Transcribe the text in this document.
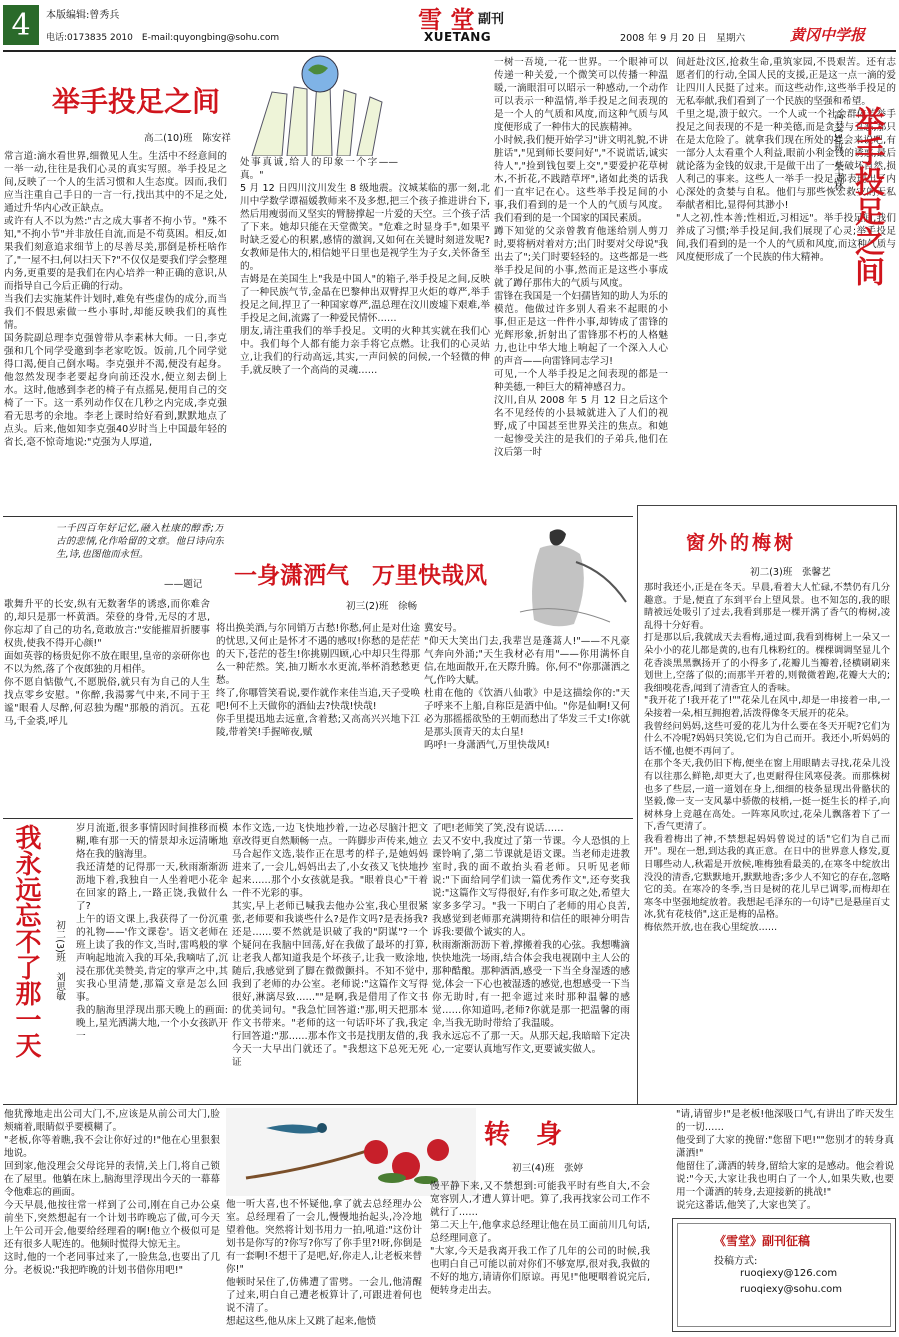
4	本版编辑:曾秀兵
电话:0173835 2010　E-mail:quyongbing@sohu.com
雪 堂 副刊
XUETANG	2008 年 9 月 20 日　星期六	黄冈中学报
举手投足之间
高二(10)班　陈安祥
常言道:滴水看世界,细微见人生。生活中不经意间的一举一动,往往是我们心灵的真实写照。举手投足之间,反映了一个人的生活习惯和人生态度。因而,我们应当注重自己手日的一言一行,找出其中的不足之处,通过升华内心改正缺点。
或许有人不以为然:"古之成大事者不拘小节。"殊不知,"不拘小节"并非放任自流,而是不苟莫困。相反,如果我们刻意追求细节上的尽善尽美,那倒是桥枉啥作了,"一屋不扫,何以扫天下?"不仅仅是要我们学会整理内务,更重要的是我们在内心培养一种正确的意识,从而指导自己今后正确的行动。
当我们去实施某件计划时,难免有些虚伪的成分,而当我们不假思索做一些小事时,却能反映我们的真性情。
国务院副总理李克强曾带从李素林大师。一日,李克强和几个同学受邀到李老家吃饭。饭前,几个同学觉得口渴,便自己倒水喝。李克强并不渴,便没有起身。他忽然发现李老要起身向前还没水,便立刻去倒上水。这时,他感到李老的椅子有点摇晃,便用自己的交椅了一下。这一系列动作仅在几秒之内完成,李克强看无思考的余地。李老上课时给好看到,默默地点了点头。后来,他如知李克强40岁时当上中国最年轻的省长,毫不惊奇地说:"克强为人厚道,
处事真诚,给人的印象一个字——真。"
5 月 12 日四川汶川发生 8 级地震。汶城某临的那一刻,北川中学数学谭福媛教师来不及多想,把三个孩子推进讲台下,然后用瘦弱而又坚实的臂膀撑起一片爱的天空。三个孩子活了下来。她却只能在天堂微笑。"危难之时显身手",如果平时缺乏爱心的积累,感情的激润,又如何在关键时刻迸发呢?女教师是伟大的,相信她平日里也是视学生为子女,关怀备至的。
吉姆是在美国生上"我是中国人"的箱子,举手投足之间,反映了一种民族气节,金晶在巴黎伸出双臂捍卫火炬的尊严,举手投足之间,捍卫了一种国家尊严,温总理在汶川废墟下艰难,举手投足之间,流露了一种爱民情怀……
朋友,请注重我们的举手投足。文明的火种其实就在我们心中。我们每个人都有能力亲手将它点燃。让我们的心灵站立,让我们的行动高远,其实,一声问候的问候,一个轻微的伸手,就反映了一个高尚的灵魂……
一树一吾境,一花一世界。一个眼神可以传递一种关爱,一个微笑可以传播一种温暖,一滴眼泪可以昭示一种感动,一个动作可以表示一种温情,举手投足之间表现的是一个人的气质和风度,而这种气质与风度便形成了一种伟大的民族精神。
小时候,我们便开始学习"讲文明礼貌,不讲脏话","见到师长要问好","不说谎话,诚实待人","捡到钱包要上交","要爱护花草树木,不折花,不践踏草坪",诸如此类的话我们一直牢记在心。这些举手投足间的小事,我们看到的是一个人的气质与风度。我们看到的是一个国家的国民素质。
蹲下知觉的父亲曾教育他迷给别人剪刀时,要将柄对着对方;出门时要对父母说"我出去了";关门时要轻轻的。这些都是一些举手投足间的小事,然而正是这些小事成就了蹲仔那伟大的气质与风度。
雷锋在我国是一个妇孺皆知的助人为乐的模范。他做过许多别人看来不起眼的小事,但正是这一件件小事,却铸成了雷锋的光辉形象,折射出了雷锋那不朽的人格魅力,也让中华大地上响起了一个深入人心的声音——向雷锋同志学习!
可见,一个人举手投足之间表现的都是一种美德,一种巨大的精神感召力。
汶川,自从 2008 年 5 月 12 日之后这个名不见经传的小县城就进入了人们的视野,成了中国甚至世界关注的焦点。和她一起惨受关注的是我们的子弟兵,他们在汶后第一时
间赶赴汶区,抢救生命,重筑家园,不畏艰苦。还有志愿者们的行动,全国人民的支援,正是这一点一滴的爱让四川人民挺了过来。而这些动作,这些举手投足的无私奉献,我们看到了一个民族的坚强和希望。
千里之堤,溃于蚁穴。一个人或一个社会群体若举手投足之间表现的不是一种美德,而是贪婪与丑恶,那只在是太危险了。就拿我们现在所处的社会来说吧,有一部分人太看重个人利益,眼前小利金钱的诱惑,最后就论落为金钱的奴隶,干是做干出了一些破坏自然,损人利己的事来。这些人一举手一投足,都表现出了内心深处的贪婪与自私。他们与那些恢宏救灾的无私奉献者相比,显得何其渺小!
"人之初,性本善;性相近,习相远"。举手投足间,我们养成了习惯;举手投足间,我们展现了心灵;举手投足间,我们看到的是一个人的气质和风度,而这种气质与风度便形成了一个民族的伟大精神。 举手投足之间
高二(3)班　朱志林
一千四百年好记忆,融入杜康的醇香;万古的悲情,化作哈留的文章。他日诗向东生,诗,也图他而永恒。
——题记 一身潇洒气　万里快哉风
初三(2)班　徐畅
歌舞升平的长安,纵有无数奢华的诱惑,而你难舍的,却只是那一杯黄酒。荣登的身骨,无尽的才思,你忘却了自己的功名,竟敢放言:"安能摧眉折腰事权贵,使我不得开心颜!"
面如英蓉的杨贵妃你不放在眼里,皇帝的亲研你也不以为然,落了个夜郎独的月相伴。
你不愿自惦傲气,不愿脱俗,就只有为自己的人生找点零乡安慰。"你醉,我湯雾气中来,不同于王谧"眼看人尽醉,何忍独为醒"那般的消沉。五花马,千金裘,呼儿
将出换美酒,与尔同销万古愁!你愁,何止是对仕途的忧思,又何止是怀才不遇的感叹!你愁的是茫茫的天下,苍茫的苍生!你挑剔四顾,心中却只生得那么一种茫然。笑,抽刀断水水更流,举杯消愁愁更愁。
终了,你哪管笑看说,要作就作来佳当追,天子受唤吧!何不上天做你的酒仙去?快哉!快哉!
你手里提迅地去远童,含着愁;又高高兴兴地下江陵,带着笑!手握啼夜,赋
冀安号。
"仰天大笑出门去,我辈岂是蓬蒿人!"——不凡豪气奔向外涌;"天生我材必有用"——你用满怀自信,在地面散开,在天際升腾。你,何不"你那潇洒之气,作吟大赋。
杜甫在他的《饮酒八仙歌》中是这描绘你的:"天子呼来不上船,自称臣是酒中仙。"你是仙啊!又何必为那摇摇欲坠的王朝而愁出了华发三千丈!你就是那头顶青天的太白星!
呜呼!一身潇洒气,万里快哉风!
我永远忘不了那一天 初二(3)班　刘思敏
岁月流逝,很多事情因时间推移而模糊,唯有那一天的情景却永远清晰地烙在我的脑海里。
我还清楚的记得那一天,秋雨渐渐沥沥地下着,我独自一人坐着吧小花伞在回家的路上,一路正饶,我做什么了?
上午的语文课上,我获得了一份沉重的礼物——'作文课卷'。语文老师在班上读了我的作文,当时,雷鸣般的掌声响起地流入我的耳朵,我嘀咕了,沉浸在那优美赞美,肯定的掌声之中,其实我心里清楚,那篇文章是怎么回事。
我的脑海里浮现出那天晚上的画面:晚上,星光洒满大地,一个小女孩趴开一
本作文选,一边飞快地抄着,一边必尽脑汁把文章改得更自然顺畅一点。一阵脚步声传来,她立马合起作文选,装作正在思考的样子,是她妈妈进来了,一会儿,妈妈出去了,小女孩又飞快地抄起来……那个小女孩就是我。"眼着良心"干着一件不光彩的事。
其实,早上老师已喊我去他办公室,我心里很紧张,老师要和我谈些什么?是作文吗?是表扬我?还是……要不然就是识破了我的"阴谋"?一个个疑问在我脑中回荡,好在我做了最坏的打算,让老我人都知道我是个坏孩子,让我一败涂地,随后,我感觉到了脚在微微颤抖。不知不觉中,我到了老师的办公室。老师说:"这篇作文写得很好,淋漓尽致……""是啊,我是借用了作文书的优美词句。"我急忙回答道:"那,明天把那本作文书带来。"老师的这一句话吓坏了我,我定行回答道:"那……那本作文书是找朋友借的,我今天一大早出门就还了。"我想这下总死无死证
了吧!老师笑了笑,没有说话……
去又不安中,我度过了第一节课。今人恐惧的上课铃响了,第二节课就是语文课。当老师走进教室时,我的面不敢抬头看老师。只听见老师说:"下面给同学们读一篇优秀作文",还夸奖我说:"这篇作文写得很好,有作多可取之处,希望大家多多学习。"我一下明白了老师的用心良苦,我感觉到老师那充满期待和信任的眼神分明告诉我:要做个诚实的人。
秋雨渐渐沥沥下着,撑搬着我的心弦。我想嘴滴快快地洗一场雨,结合体会我电视剧中主人公的那种酷酿。那种酒酒,感受一下当全身湿透的感觉,体会一下心也被湿透的感觉,也想感受一下当你无助时,有一把伞遮过来时那种温馨的感觉……你知道吗,老师?你就是那一把温馨的雨伞,当我无助时带给了我温暖。
我永远忘不了那一天。从那天起,我暗暗下定决心,一定要认真地写作文,更要诚实做人。
窗外的梅树
初二(3)班　张馨艺
那时我还小,正是在冬天。早晨,看着大人忙碌,不禁仍有几分趣意。于是,便直了东到平台上望风景。也不知怎的,我的眼睛被远处吸引了过去,我看到那是一棵开满了香气的梅树,凌乱得十分好看。
打是那以后,我就成天去看梅,通过面,我看到梅树上一朵又一朵小小的花儿都是黄的,也有几株粉红的。棵棵调调坚显儿个花香淡黑黑飘扬开了的小得多了,花瓣儿当瓣着,径横刷刷来划世上,空落了似的;而那半开着的,则微微着跑,花瓣大大的;我细嗅花香,闻到了清香宜人的香味。
"我开花了!我开花了!""花朵儿在风中,却是一串接着一串,一朵接着一朵,相互拥抱着,活泼得像冬天展开的花朵。
我曾经问妈妈,这些可爱的花儿为什么要在冬天开呢?它们为什么不冷呢?妈妈只笑说,它们为自己而开。我还小,听妈妈的话不懂,也便不再问了。
在那个冬天,我仍旧下梅,便坐在窗上用眼睛去寻找,花朵儿没有以往那么鲜艳,却更大了,也更耐得住风寒侵袭。而那株树也多了些层,一道一道划在身上,细细的枝条显现出骨骼状的坚毅,像一支一支风暴中骄傲的枝梢,一挺一挺生长的样子,向树林身上竞越在高处。一阵寒风吹过,花朵儿飘落着下了一下,香气更清了。
我看着梅出了神,不禁想起妈妈曾说过的话"它们为自己而开"。现在一想,到达我的真正意。在日中的世界意人修发,夏日哪些动人,秋霜是开放候,唯梅独看最美的,在寒冬中绽放出没没的清香,它默默地开,默默地香;多少人不知它的存在,忽略它的美。在寒冷的冬季,当日是树的花儿早已调零,而梅却在寒冬中坚强地绽放着。我想起毛泽东的一句诗"已是悬崖百丈冰,犹有花枝俏",这正是梅的品格。
梅依然开放,也在我心里绽放……
他犹豫地走出公司大门,不,应该是从前公司大门,脸颊痛着,眼睛似乎要模糊了。
"老板,你等着瞧,我不会让你好过的!"他在心里狠狠地说。
回到家,他没理会父母诧异的表情,关上门,将自己锁在了屋里。他躺在床上,脑海里浮现出今天的一幕幕令他难忘的画面。
今天早晨,他按往常一样到了公司,刚在自己办公桌前坐下,突然想起有一个计划书昨晚忘了做,可今天上午公司开会,他要给经理看的啊!他立个极似可是还有很多人呢连的。他频时慌得大惊无主。
这时,他的一个老同事过来了,一脸焦急,也要出了几分。老板说:"我把昨晚的计划书借你用吧!"
转　身
初三(4)班　张婷
他一听大喜,也不怀疑他,拿了就去总经理办公室。总经理看了一会儿,慢慢地抬起头,冷冷地望着他。突然将计划书用力一拍,吼道:"这份计划书是你写的?你写?你写了你手里?!呀,你倒是有一套啊!不想干了是吧,好,你走人,让老板来替你!"
他顿时呆住了,仿佛遭了雷劈。一会儿,他清醒了过来,明白自己遭老板算计了,可跟进着何也说不清了。
想起这些,他从床上又跳了起来,他愤
慢平静下来,又不禁想到:可能我平时有些自大,不会宽容别人,才遭人算计吧。算了,我再找家公司工作不就行了……
第二天上午,他拿求总经理让他在员工面前川几句话,总经理同意了。
"大家,今天是我离开我工作了几年的公司的时候,我也明白自己可能以前对你们不够宽厚,很对我,我做的不好的地方,请请你们原谅。再见!"他哽咽着说完后,便转身走出去。
"请,请留步!"是老板!他深吸口气,有讲出了昨天发生的一切……
他受到了大家的挽留:"您留下吧!""您别才的转身真潇洒!"
他留住了,潇洒的转身,留给大家的是感动。他会着说说:"今天,大家让我也明白了一个人,如果失败,也要用一个潇洒的转身,去迎接新的挑战!"
说完这番话,他笑了,大家也笑了。
《雪堂》副刊征稿
投稿方式:
ruoqiexy@126.com
ruoqiexy@sohu.com
